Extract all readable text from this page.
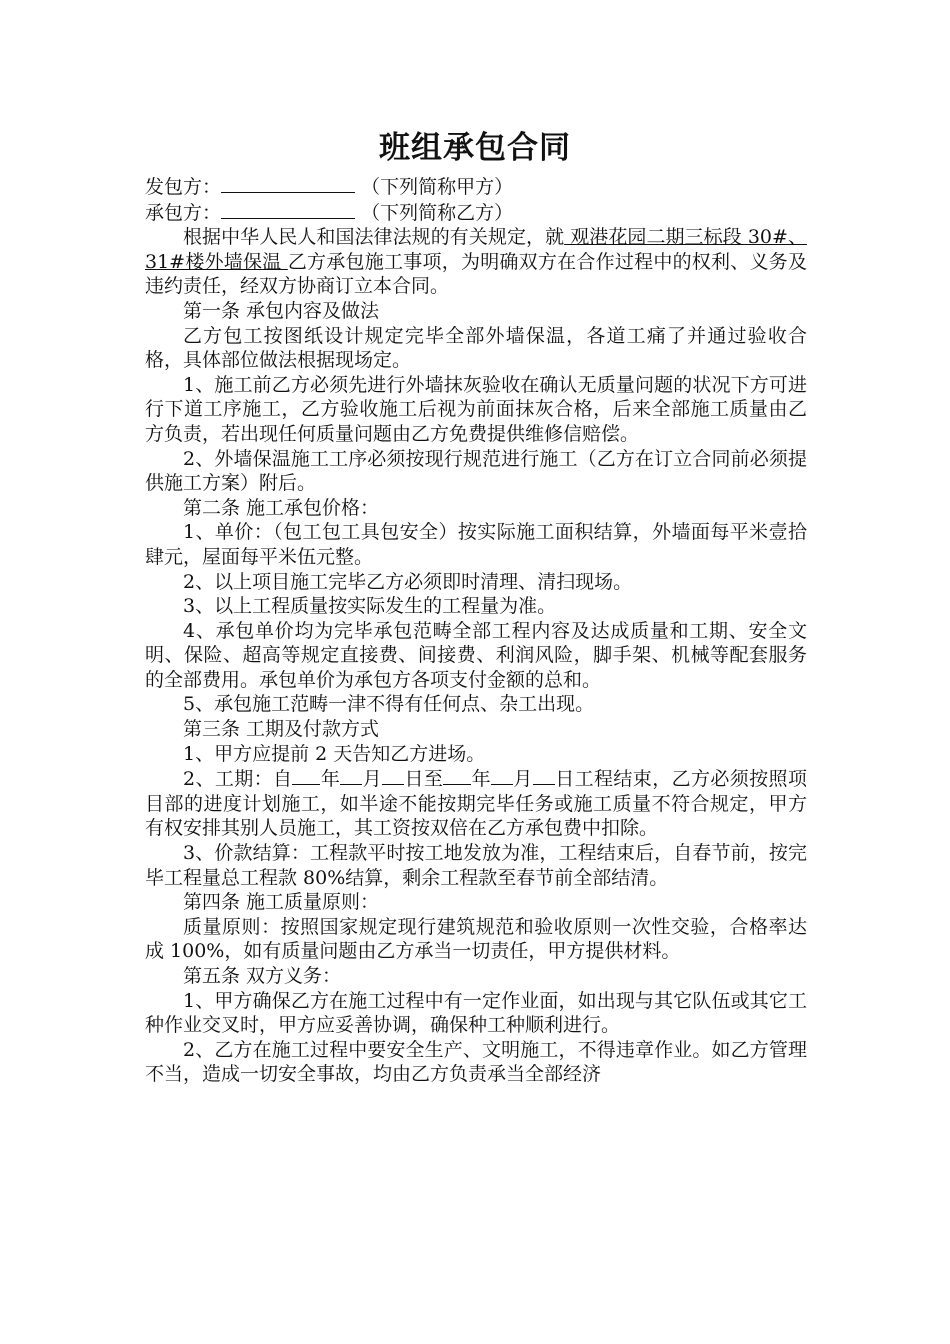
班组承包合同

发包方：	（下列简称甲方）

承包方：	（下列简称乙方）

根据中华人民人和国法律法规的有关规定，就 观港花园二期三标段 30#、31#楼外墙保温 乙方承包施工事项，为明确双方在合作过程中的权利、义务及违约责任，经双方协商订立本合同。

第一条 承包内容及做法

乙方包工按图纸设计规定完毕全部外墙保温，各道工痛了并通过验收合格，具体部位做法根据现场定。

1、施工前乙方必须先进行外墙抹灰验收在确认无质量问题的状况下方可进行下道工序施工，乙方验收施工后视为前面抹灰合格，后来全部施工质量由乙方负责，若出现任何质量问题由乙方免费提供维修信赔偿。

2、外墙保温施工工序必须按现行规范进行施工（乙方在订立合同前必须提供施工方案）附后。

第二条 施工承包价格：

1、单价：（包工包工具包安全）按实际施工面积结算，外墙面每平米壹拾肆元，屋面每平米伍元整。

2、以上项目施工完毕乙方必须即时清理、清扫现场。

3、以上工程质量按实际发生的工程量为准。

4、承包单价均为完毕承包范畴全部工程内容及达成质量和工期、安全文明、保险、超高等规定直接费、间接费、利润风险，脚手架、机械等配套服务的全部费用。承包单价为承包方各项支付金额的总和。

5、承包施工范畴一津不得有任何点、杂工出现。

第三条 工期及付款方式

1、甲方应提前 2 天告知乙方进场。

2、工期：自 年 月 日至 年 月 日工程结束，乙方必须按照项目部的进度计划施工，如半途不能按期完毕任务或施工质量不符合规定，甲方有权安排其别人员施工，其工资按双倍在乙方承包费中扣除。

3、价款结算：工程款平时按工地发放为准，工程结束后，自春节前，按完毕工程量总工程款 80%结算，剩余工程款至春节前全部结清。

第四条 施工质量原则：

质量原则：按照国家规定现行建筑规范和验收原则一次性交验，合格率达成 100%，如有质量问题由乙方承当一切责任，甲方提供材料。

第五条 双方义务：

1、甲方确保乙方在施工过程中有一定作业面，如出现与其它队伍或其它工种作业交叉时，甲方应妥善协调，确保种工种顺利进行。

2、乙方在施工过程中要安全生产、文明施工，不得违章作业。如乙方管理不当，造成一切安全事故，均由乙方负责承当全部经济
